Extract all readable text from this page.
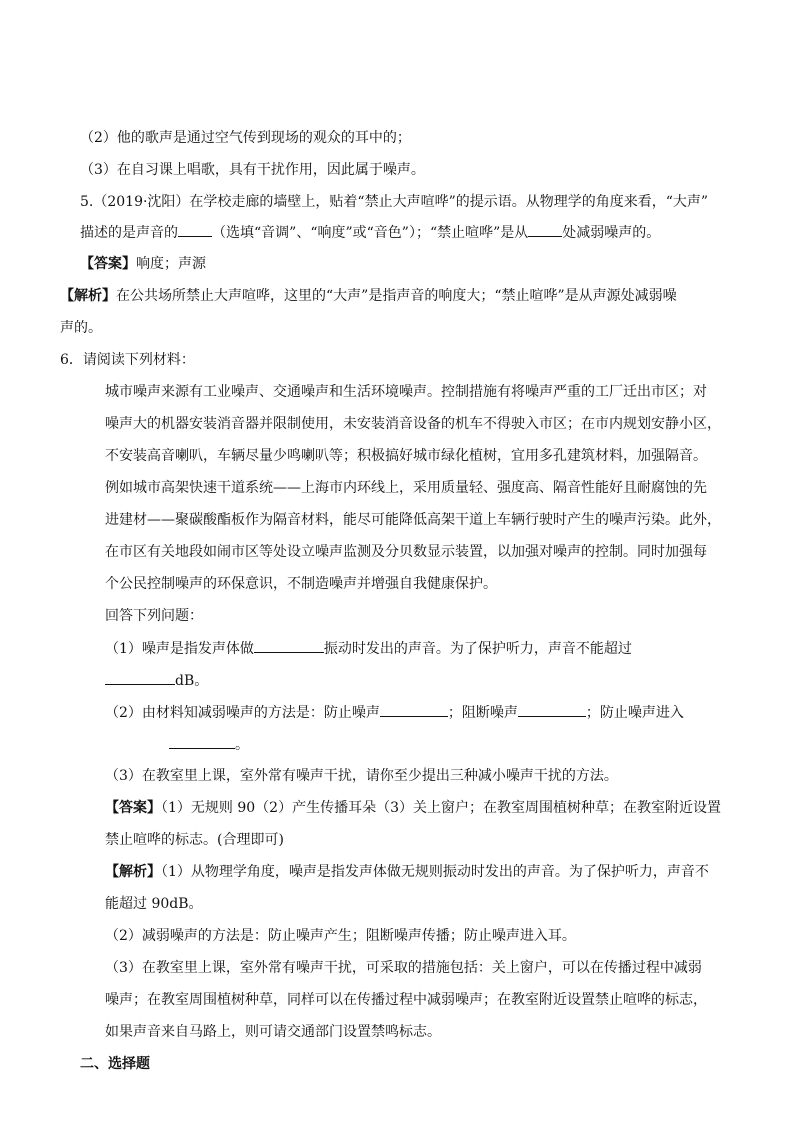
（2）他的歌声是通过空气传到现场的观众的耳中的；
（3）在自习课上唱歌，具有干扰作用，因此属于噪声。
5.（2019·沈阳）在学校走廊的墙壁上，贴着“禁止大声喧哗”的提示语。从物理学的角度来看，“大声”
描述的是声音的 （选填“音调”、“响度”或“音色”）；“禁止喧哗”是从 处减弱噪声的。
【答案】响度；声源
【解析】在公共场所禁止大声喧哗，这里的“大声”是指声音的响度大；“禁止喧哗”是从声源处减弱噪
声的。
6．请阅读下列材料：
城市噪声来源有工业噪声、交通噪声和生活环境噪声。控制措施有将噪声严重的工厂迁出市区；对
噪声大的机器安装消音器并限制使用，未安装消音设备的机车不得驶入市区；在市内规划安静小区，
不安装高音喇叭，车辆尽量少鸣喇叭等；积极搞好城市绿化植树，宜用多孔建筑材料，加强隔音。
例如城市高架快速干道系统——上海市内环线上，采用质量轻、强度高、隔音性能好且耐腐蚀的先
进建材——聚碳酸酯板作为隔音材料，能尽可能降低高架干道上车辆行驶时产生的噪声污染。此外，
在市区有关地段如闹市区等处设立噪声监测及分贝数显示装置，以加强对噪声的控制。同时加强每
个公民控制噪声的环保意识，不制造噪声并增强自我健康保护。
回答下列问题：
（1）噪声是指发声体做	振动时发出的声音。为了保护听力，声音不能超过
dB。
（2）由材料知减弱噪声的方法是：防止噪声	；阻断噪声	；防止噪声进入
。
（3）在教室里上课，室外常有噪声干扰，请你至少提出三种减小噪声干扰的方法。
【答案】（1）无规则 90（2）产生传播耳朵（3）关上窗户；在教室周围植树种草；在教室附近设置
禁止喧哗的标志。(合理即可)
【解析】（1）从物理学角度，噪声是指发声体做无规则振动时发出的声音。为了保护听力，声音不
能超过 90dB。
（2）减弱噪声的方法是：防止噪声产生；阻断噪声传播；防止噪声进入耳。
（3）在教室里上课，室外常有噪声干扰，可采取的措施包括：关上窗户，可以在传播过程中减弱
噪声；在教室周围植树种草，同样可以在传播过程中减弱噪声；在教室附近设置禁止喧哗的标志，
如果声音来自马路上，则可请交通部门设置禁鸣标志。
二、选择题
